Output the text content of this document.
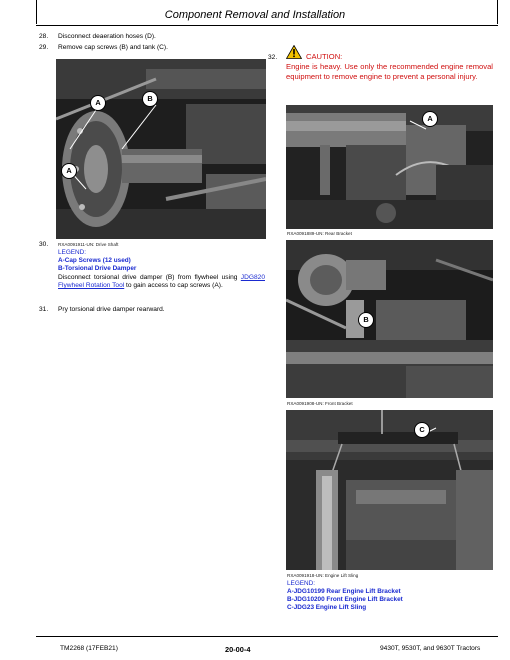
Component Removal and Installation
28. Disconnect deaeration hoses (D).
29. Remove cap screws (B) and tank (C).
A	B
A
30. RXA0091911-UN: Drive Shaft
LEGEND:
A-Cap Screws (12 used)
B-Torsional Drive Damper
Disconnect torsional drive damper (B) from flywheel using JDG820 Flywheel Rotation Tool to gain access to cap screws (A).
31. Pry torsional drive damper rearward.
32.	CAUTION:
Engine is heavy. Use only the recommended engine removal equipment to remove engine to prevent a personal injury.
A
RXA0091889-UN: Rear Bracket
B
RXA0091908-UN: Front Bracket
C
RXA0091918-UN: Engine Lift Sling
LEGEND:
A-JDG10199 Rear Engine Lift Bracket
B-JDG10200 Front Engine Lift Bracket
C-JDG23 Engine Lift Sling
TM2268 (17FEB21)	20-00-4	9430T, 9530T, and 9630T Tractors
